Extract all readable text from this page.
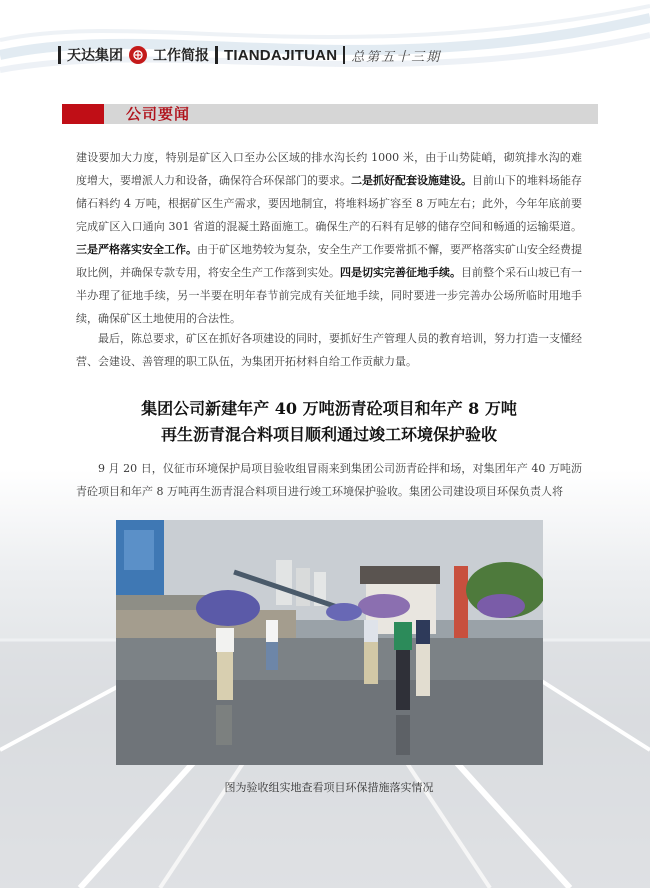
天达集团 工作简报 TIANDAJITUAN 总第五十三期
公司要闻
建设要加大力度，特别是矿区入口至办公区域的排水沟长约 1000 米，由于山势陡峭，砌筑排水沟的难度增大，要增派人力和设备，确保符合环保部门的要求。二是抓好配套设施建设。目前山下的堆料场能存储石料约 4 万吨，根据矿区生产需求，要因地制宜，将堆料场扩容至 8 万吨左右；此外，今年年底前要完成矿区入口通向 301 省道的混凝土路面施工。确保生产的石料有足够的储存空间和畅通的运输渠道。三是严格落实安全工作。由于矿区地势较为复杂，安全生产工作要常抓不懈，要严格落实矿山安全经费提取比例，并确保专款专用，将安全生产工作落到实处。四是切实完善征地手续。目前整个采石山坡已有一半办理了征地手续，另一半要在明年春节前完成有关征地手续，同时要进一步完善办公场所临时用地手续，确保矿区土地使用的合法性。
最后，陈总要求，矿区在抓好各项建设的同时，要抓好生产管理人员的教育培训，努力打造一支懂经营、会建设、善管理的职工队伍，为集团开拓材料自给工作贡献力量。
集团公司新建年产 40 万吨沥青砼项目和年产 8 万吨
再生沥青混合料项目顺利通过竣工环境保护验收
9 月 20 日，仪征市环境保护局项目验收组冒雨来到集团公司沥青砼拌和场，对集团年产 40 万吨沥青砼项目和年产 8 万吨再生沥青混合料项目进行竣工环境保护验收。集团公司建设项目环保负责人将
图为验收组实地查看项目环保措施落实情况
